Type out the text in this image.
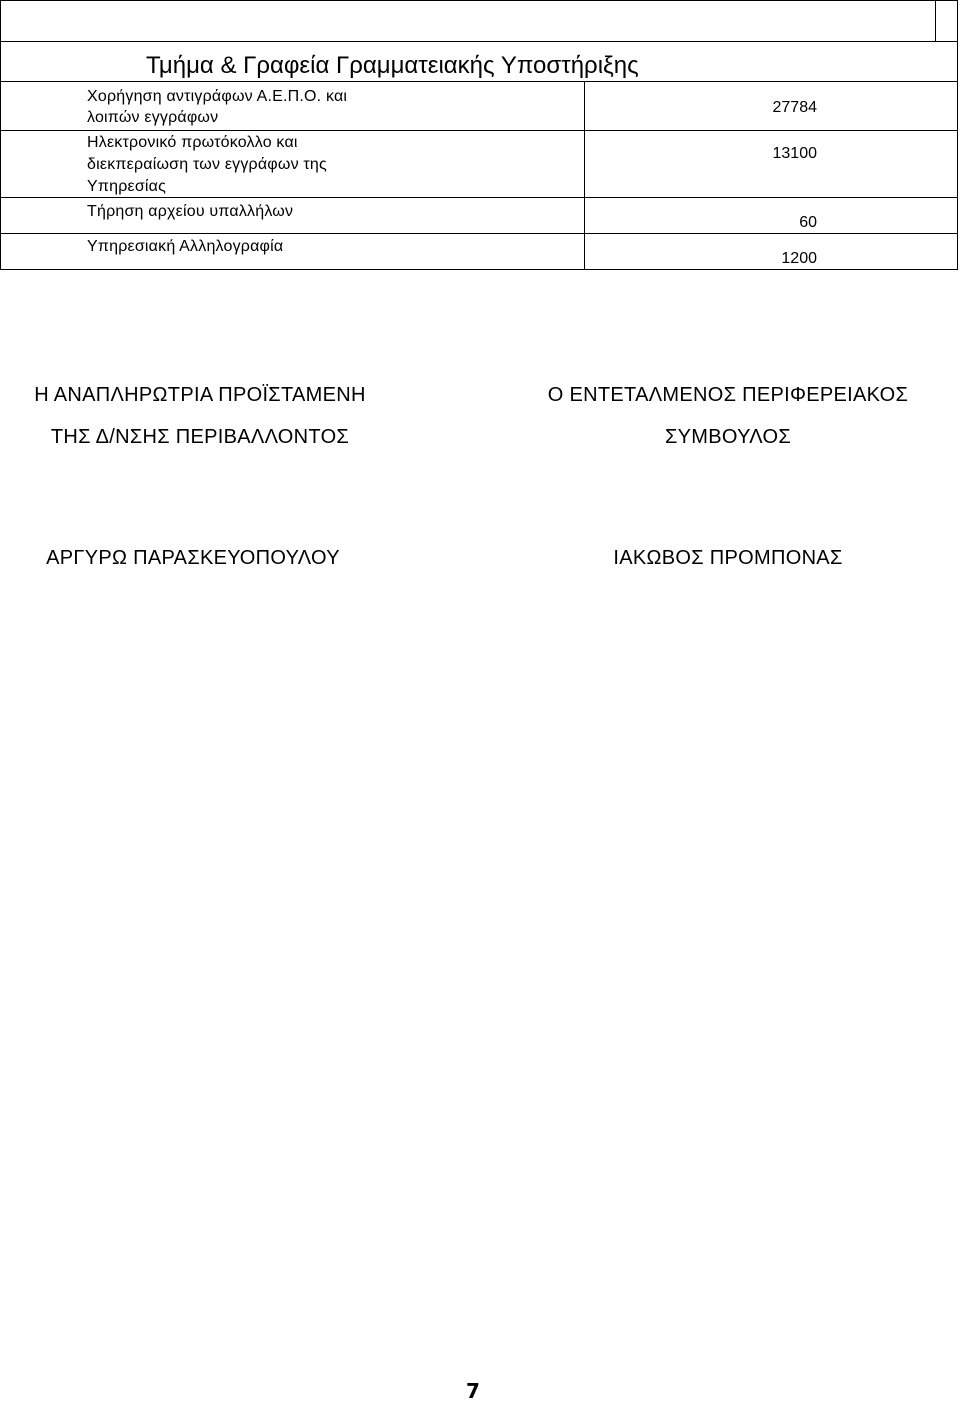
Τμήμα & Γραφεία Γραμματειακής Υποστήριξης
Χορήγηση αντιγράφων Α.Ε.Π.Ο. και
λοιπών εγγράφων
27784
Ηλεκτρονικό πρωτόκολλο και
διεκπεραίωση των εγγράφων της
Υπηρεσίας
13100
Τήρηση αρχείου υπαλλήλων
60
Υπηρεσιακή Αλληλογραφία
1200
Η ΑΝΑΠΛΗΡΩΤΡΙΑ ΠΡΟΪΣΤΑΜΕΝΗ
ΤΗΣ Δ/ΝΣΗΣ ΠΕΡΙΒΑΛΛΟΝΤΟΣ
ΑΡΓΥΡΩ ΠΑΡΑΣΚΕΥΟΠΟΥΛΟΥ
Ο ΕΝΤΕΤΑΛΜΕΝΟΣ ΠΕΡΙΦΕΡΕΙΑΚΟΣ
ΣΥΜΒΟΥΛΟΣ
ΙΑΚΩΒΟΣ ΠΡΟΜΠΟΝΑΣ
7
